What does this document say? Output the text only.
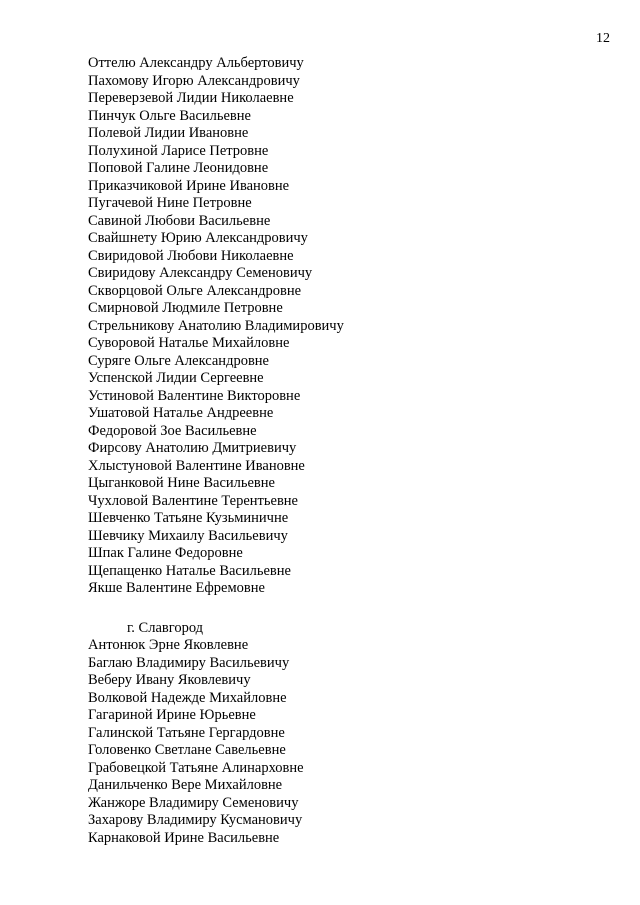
12
Оттелю Александру Альбертовичу
Пахомову Игорю Александровичу
Переверзевой Лидии Николаевне
Пинчук Ольге Васильевне
Полевой Лидии Ивановне
Полухиной Ларисе Петровне
Поповой Галине Леонидовне
Приказчиковой Ирине Ивановне
Пугачевой Нине Петровне
Савиной Любови Васильевне
Свайшнету Юрию Александровичу
Свиридовой Любови Николаевне
Свиридову Александру Семеновичу
Скворцовой Ольге Александровне
Смирновой Людмиле Петровне
Стрельникову Анатолию Владимировичу
Суворовой Наталье Михайловне
Суряге Ольге Александровне
Успенской Лидии Сергеевне
Устиновой Валентине Викторовне
Ушатовой Наталье Андреевне
Федоровой Зое Васильевне
Фирсову Анатолию Дмитриевичу
Хлыстуновой Валентине Ивановне
Цыганковой Нине Васильевне
Чухловой Валентине Терентьевне
Шевченко Татьяне Кузьминичне
Шевчику Михаилу Васильевичу
Шпак Галине Федоровне
Щепащенко Наталье Васильевне
Якше Валентине Ефремовне
г. Славгород
Антонюк Эрне Яковлевне
Баглаю Владимиру Васильевичу
Веберу Ивану Яковлевичу
Волковой Надежде Михайловне
Гагариной Ирине Юрьевне
Галинской Татьяне Гергардовне
Головенко Светлане Савельевне
Грабовецкой Татьяне Алинарховне
Данильченко Вере Михайловне
Жанжоре Владимиру Семеновичу
Захарову Владимиру Кусмановичу
Карнаковой Ирине Васильевне
